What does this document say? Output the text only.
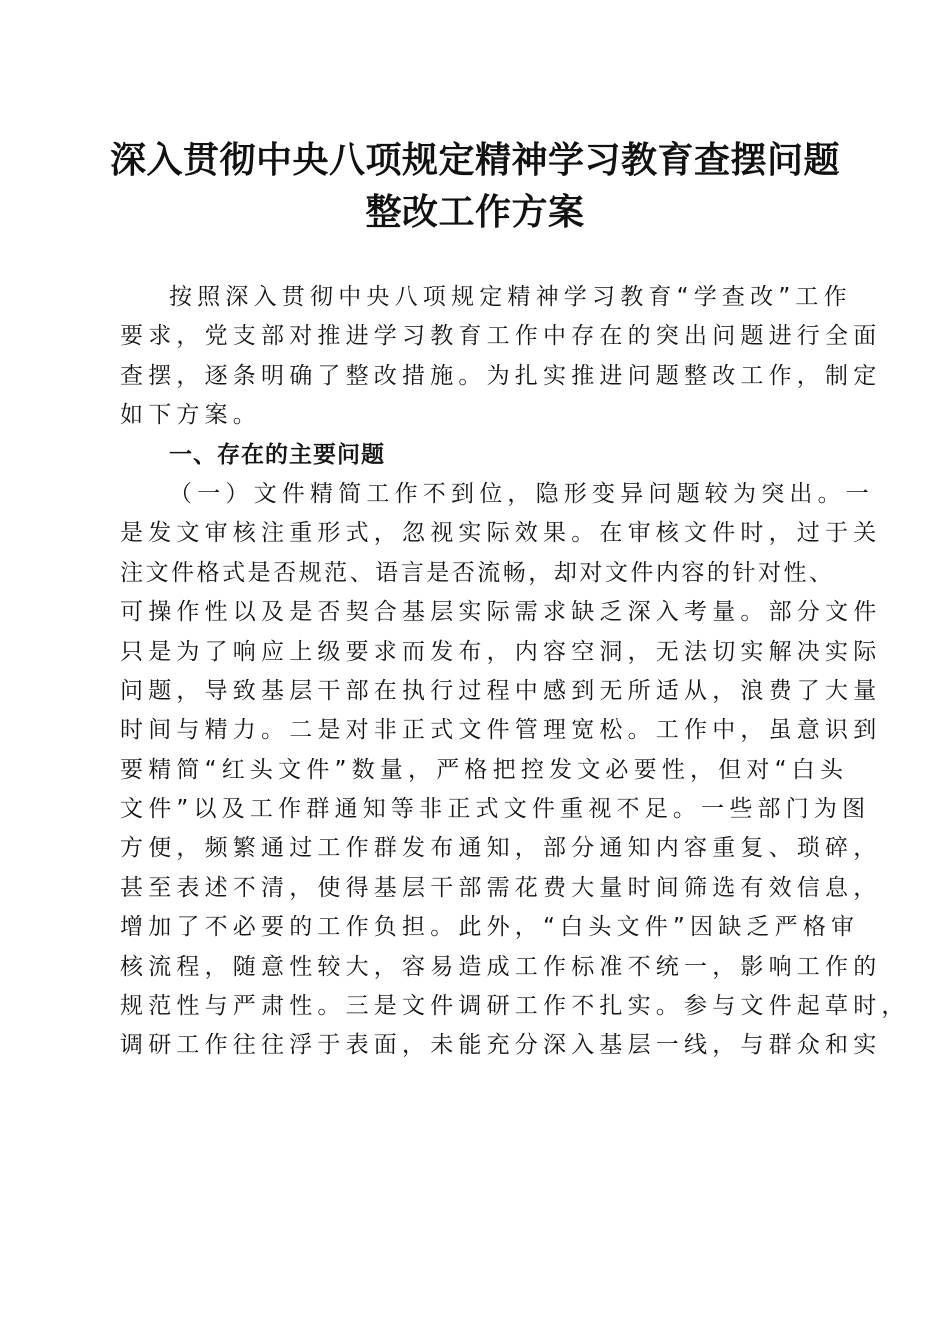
深入贯彻中央八项规定精神学习教育查摆问题
整改工作方案
按照深入贯彻中央八项规定精神学习教育“学查改”工作
要求，党支部对推进学习教育工作中存在的突出问题进行全面
查摆，逐条明确了整改措施。为扎实推进问题整改工作，制定
如下方案。
一、存在的主要问题
（一）文件精简工作不到位，隐形变异问题较为突出。一
是发文审核注重形式，忽视实际效果。在审核文件时，过于关
注文件格式是否规范、语言是否流畅，却对文件内容的针对性、
可操作性以及是否契合基层实际需求缺乏深入考量。部分文件
只是为了响应上级要求而发布，内容空洞，无法切实解决实际
问题，导致基层干部在执行过程中感到无所适从，浪费了大量
时间与精力。二是对非正式文件管理宽松。工作中，虽意识到
要精简“红头文件”数量，严格把控发文必要性，但对“白头
文件”以及工作群通知等非正式文件重视不足。一些部门为图
方便，频繁通过工作群发布通知，部分通知内容重复、琐碎，
甚至表述不清，使得基层干部需花费大量时间筛选有效信息，
增加了不必要的工作负担。此外，“白头文件”因缺乏严格审
核流程，随意性较大，容易造成工作标准不统一，影响工作的
规范性与严肃性。三是文件调研工作不扎实。参与文件起草时，
调研工作往往浮于表面，未能充分深入基层一线，与群众和实
